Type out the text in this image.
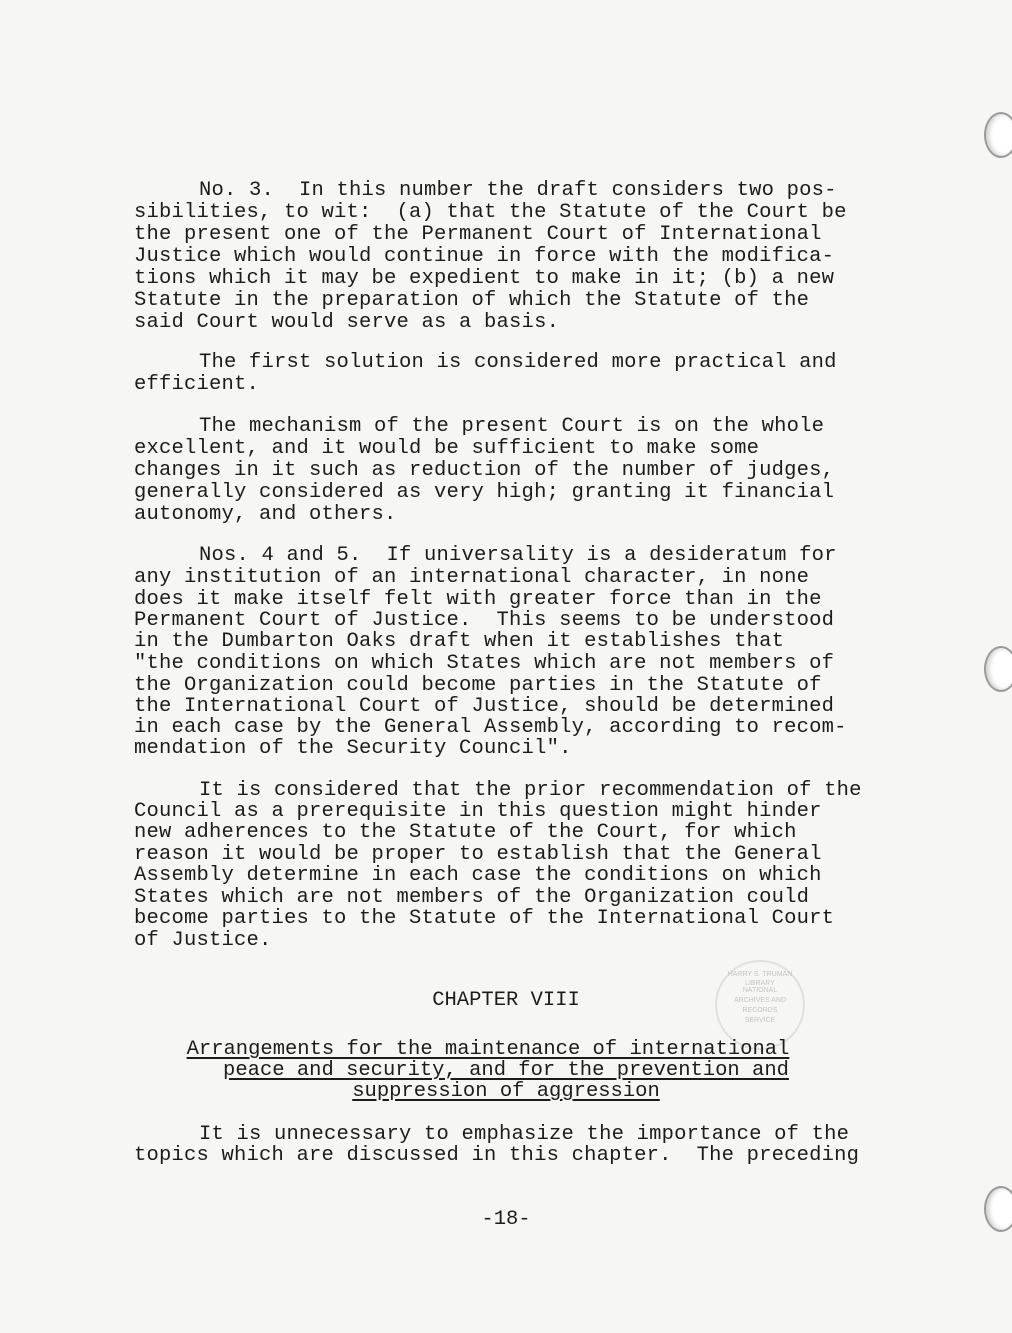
No. 3.  In this number the draft considers two pos-
sibilities, to wit:  (a) that the Statute of the Court be
the present one of the Permanent Court of International
Justice which would continue in force with the modifica-
tions which it may be expedient to make in it; (b) a new
Statute in the preparation of which the Statute of the
said Court would serve as a basis.
The first solution is considered more practical and
efficient.
The mechanism of the present Court is on the whole
excellent, and it would be sufficient to make some
changes in it such as reduction of the number of judges,
generally considered as very high; granting it financial
autonomy, and others.
Nos. 4 and 5.  If universality is a desideratum for
any institution of an international character, in none
does it make itself felt with greater force than in the
Permanent Court of Justice.  This seems to be understood
in the Dumbarton Oaks draft when it establishes that
"the conditions on which States which are not members of
the Organization could become parties in the Statute of
the International Court of Justice, should be determined
in each case by the General Assembly, according to recom-
mendation of the Security Council".
It is considered that the prior recommendation of the
Council as a prerequisite in this question might hinder
new adherences to the Statute of the Court, for which
reason it would be proper to establish that the General
Assembly determine in each case the conditions on which
States which are not members of the Organization could
become parties to the Statute of the International Court
of Justice.
HARRY S. TRUMAN LIBRARY
NATIONAL
ARCHIVES AND
RECORDS
SERVICE
CHAPTER VIII
Arrangements for the maintenance of international
peace and security, and for the prevention and
suppression of aggression
It is unnecessary to emphasize the importance of the
topics which are discussed in this chapter.  The preceding
-18-
